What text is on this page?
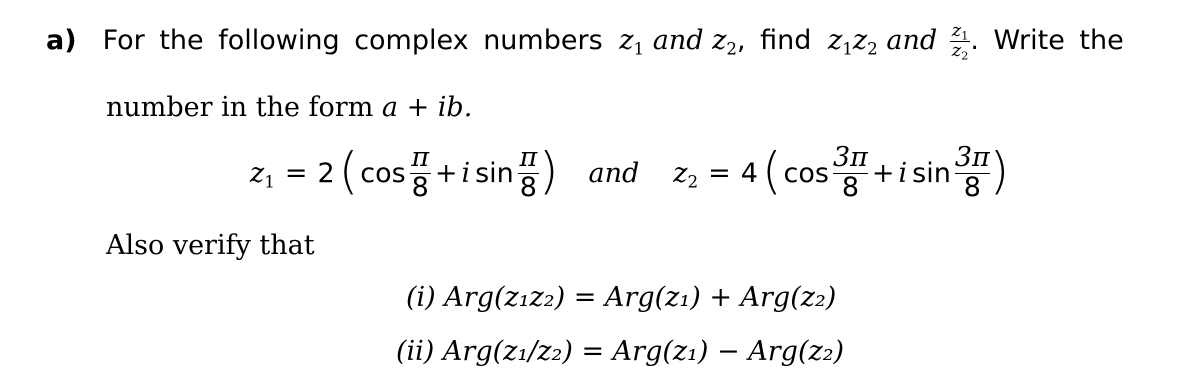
a) For the following complex numbers $z_1$ and $z_2$, find $z_1z_2$ and $\frac{z_1}{z_2}$ . Write the
number in the form a + ib.
$z_1 = 2$ ( $\cos \frac{\pi}{8} + i$ $\sin \frac{\pi}{8}$ ) and $z_2 = 4$ ( $\cos \frac{3\pi}{8} + i$ $\sin \frac{3\pi}{8}$ )
Also verify that
(i) Arg(z₁z₂) = Arg(z₁) + Arg(z₂)
(ii) Arg(z₁/z₂) = Arg(z₁) − Arg(z₂)
